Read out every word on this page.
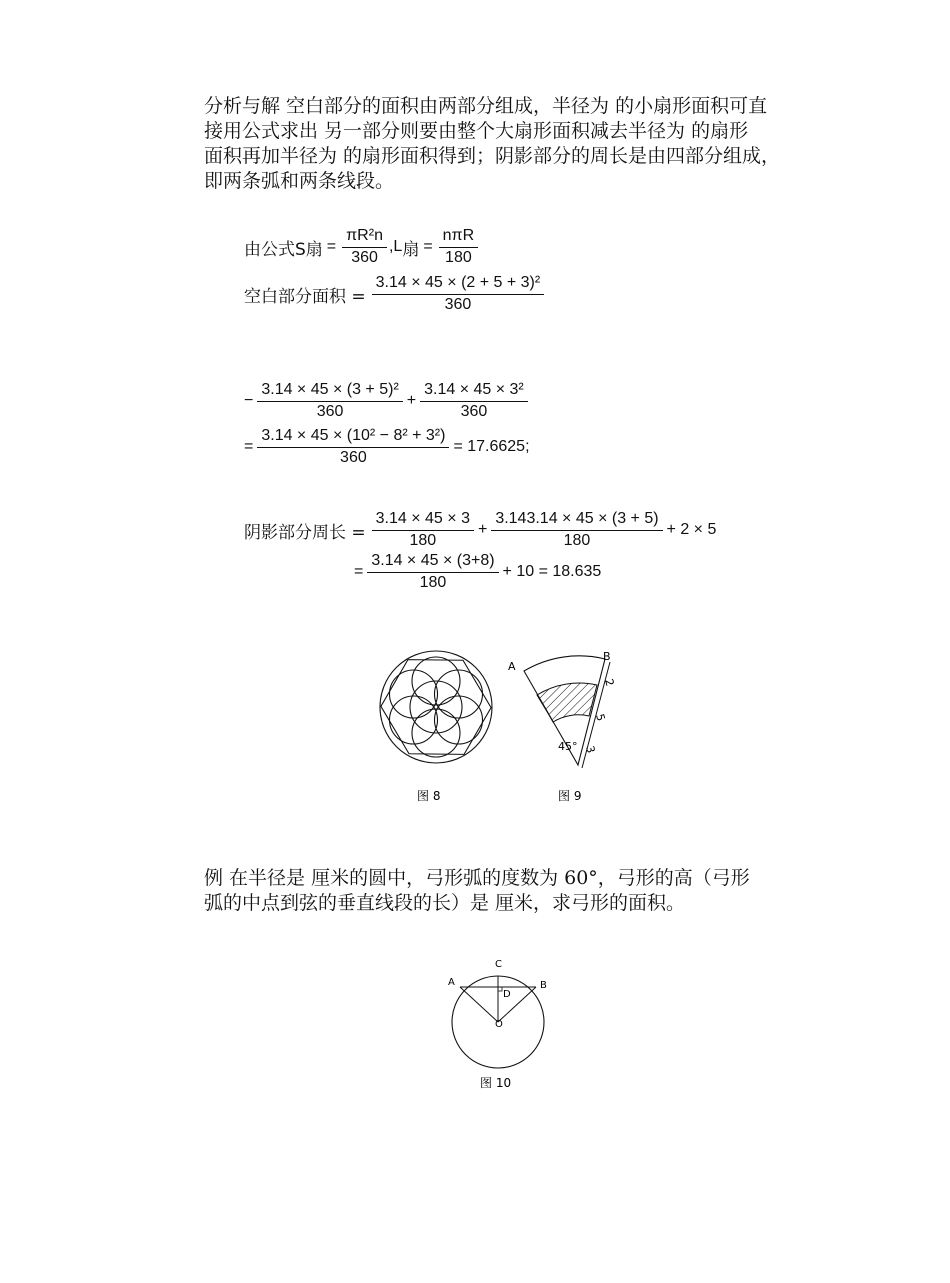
分析与解 空白部分的面积由两部分组成，半径为 的小扇形面积可直
接用公式求出 另一部分则要由整个大扇形面积减去半径为 的扇形
面积再加半径为 的扇形面积得到；阴影部分的周长是由四部分组成，
即两条弧和两条线段。
由公式S 扇 = $\frac{\text{πR²n}}{360} ,L$ 扇 = $\frac{\text{nπR}}{180}$
空白部分面积 = $\frac{\text{3.14 × 45 × (2 + 5 + 3)²}}{360}$
− $\frac{\text{3.14 × 45 × (3 + 5)²}}{360} + \frac{\text{3.14 × 45 × 3²}}{360}$
= $\frac{\text{3.14 × 45 × (10² − 8² + 3²)}}{360} = 17.6625$;
阴影部分周长 = $\frac{3.14 \times 45 \times 3}{180} + \frac{3.143.14 \times 45 \times (3 + 5)}{180} + 2 \times 5$
= $\frac{3.14 \times 45 \times (3+8)}{180} + 10 = 18.635$
图 8
A
B
45°
2
5
3
图 9
例 在半径是 厘米的圆中，弓形弧的度数为 60°，弓形的高（弓形
弧的中点到弦的垂直线段的长）是 厘米，求弓形的面积。
A	B
C
D
O
图 10
